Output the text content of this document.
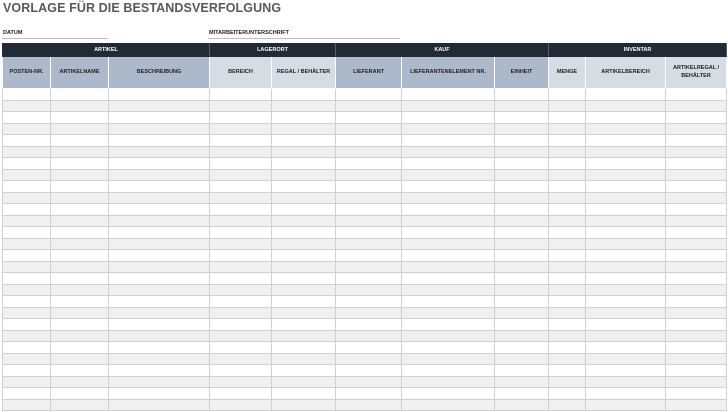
VORLAGE FÜR DIE BESTANDSVERFOLGUNG
DATUM	MITARBEITERUNTERSCHRIFT
ARTIKEL			LAGERORT		KAUF			INVENTAR		
POSTEN-NR.	ARTIKELNAME	BESCHREIBUNG	BEREICH	REGAL / BEHÄLTER	LIEFERANT	LIEFERANTENELEMENT NR.	EINHEIT	MENGE	ARTIKELBEREICH	ARTIKELREGAL / BEHÄLTER
